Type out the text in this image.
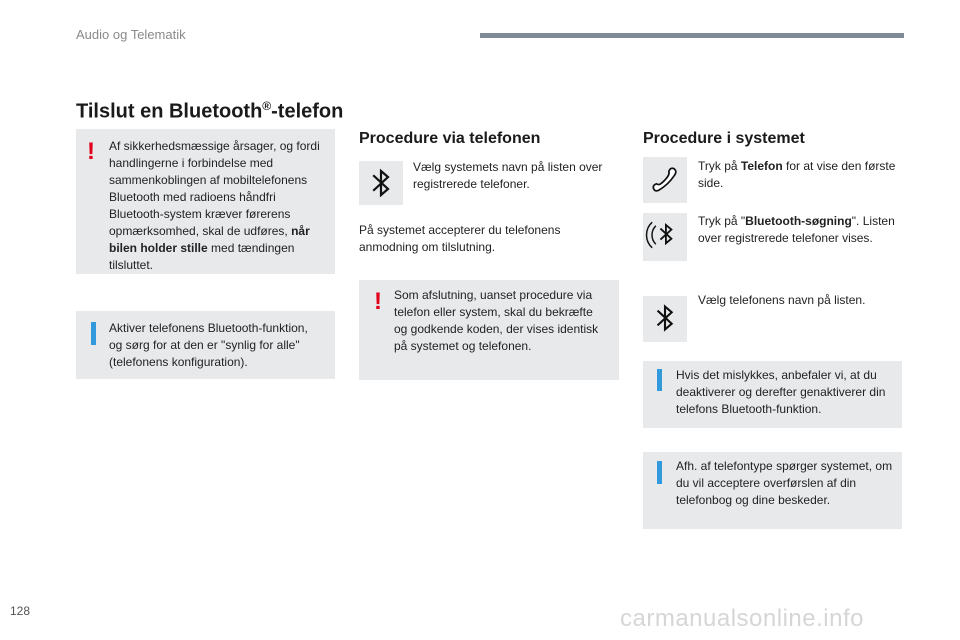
Audio og Telematik
Tilslut en Bluetooth®-telefon
! Af sikkerhedsmæssige årsager, og fordi handlingerne i forbindelse med sammenkoblingen af mobiltelefonens Bluetooth med radioens håndfri Bluetooth-system kræver førerens opmærksomhed, skal de udføres, når bilen holder stille med tændingen tilsluttet.
Aktiver telefonens Bluetooth-funktion, og sørg for at den er "synlig for alle" (telefonens konfiguration).
Procedure via telefonen
Vælg systemets navn på listen over registrerede telefoner.
På systemet accepterer du telefonens anmodning om tilslutning.
! Som afslutning, uanset procedure via telefon eller system, skal du bekræfte og godkende koden, der vises identisk på systemet og telefonen.
Procedure i systemet
Tryk på Telefon for at vise den første side.
Tryk på "Bluetooth-søgning". Listen over registrerede telefoner vises.
Vælg telefonens navn på listen.
Hvis det mislykkes, anbefaler vi, at du deaktiverer og derefter genaktiverer din telefons Bluetooth-funktion.
Afh. af telefontype spørger systemet, om du vil acceptere overførslen af din telefonbog og dine beskeder.
128	carmanualsonline.info
